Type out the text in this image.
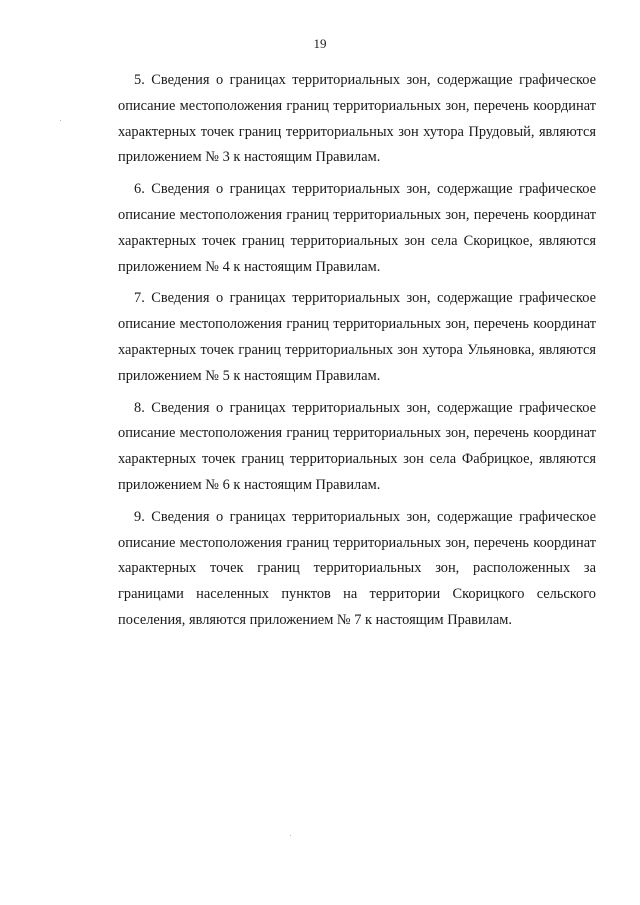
19

5. Сведения о границах территориальных зон, содержащие графическое
описание местоположения границ территориальных зон, перечень координат
характерных точек границ территориальных зон хутора Прудовый, являются
приложением № 3 к настоящим Правилам.

6. Сведения о границах территориальных зон, содержащие графическое
описание местоположения границ территориальных зон, перечень координат
характерных точек границ территориальных зон села Скорицкое, являются
приложением № 4 к настоящим Правилам.

7. Сведения о границах территориальных зон, содержащие графическое
описание местоположения границ территориальных зон, перечень координат
характерных точек границ территориальных зон хутора Ульяновка, являются
приложением № 5 к настоящим Правилам.

8. Сведения о границах территориальных зон, содержащие графическое
описание местоположения границ территориальных зон, перечень координат
характерных точек границ территориальных зон села Фабрицкое, являются
приложением № 6 к настоящим Правилам.

9. Сведения о границах территориальных зон, содержащие графическое
описание местоположения границ территориальных зон, перечень координат
характерных точек границ территориальных зон, расположенных за
границами населенных пунктов на территории Скорицкого сельского
поселения, являются приложением № 7 к настоящим Правилам.
